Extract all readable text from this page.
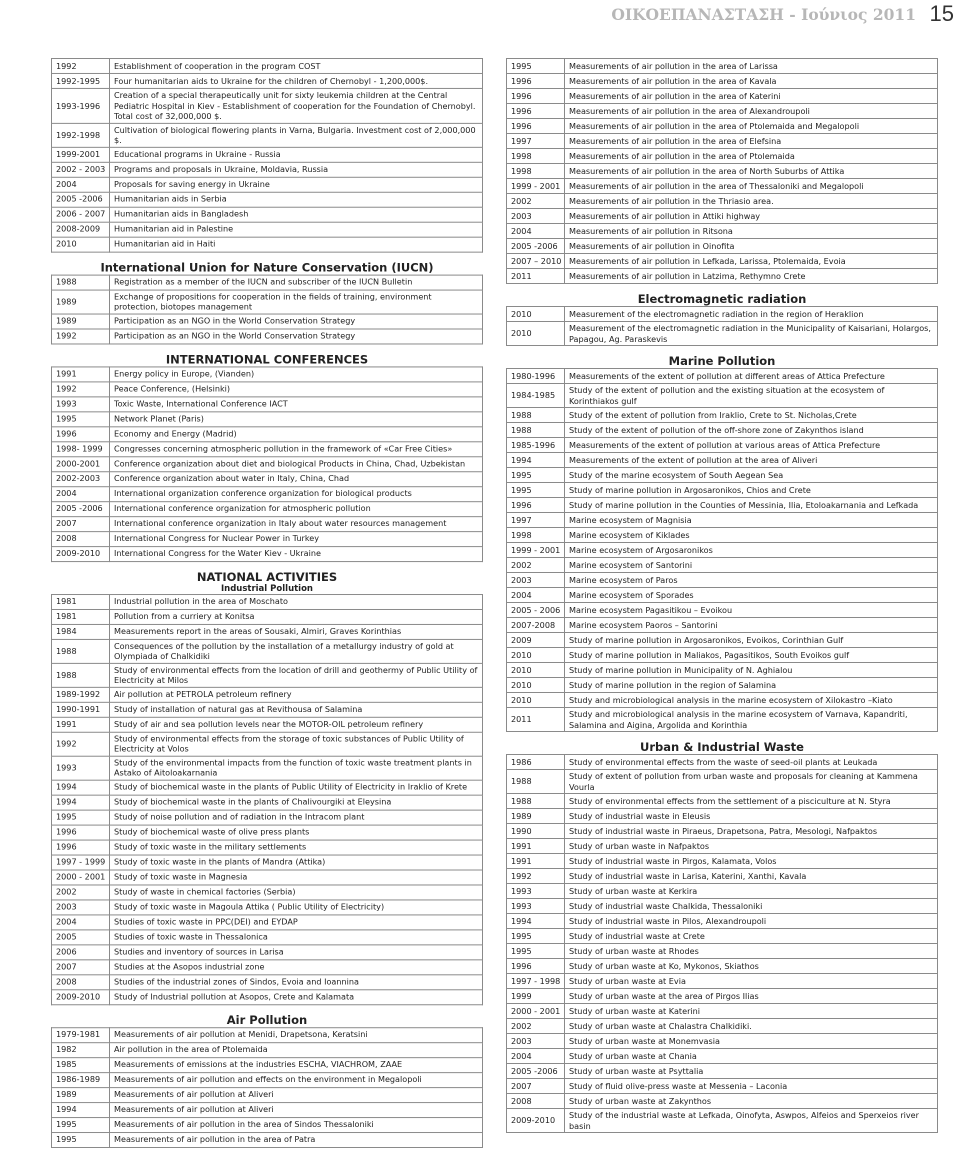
ΟΙΚΟΕΠΑΝΑΣΤΑΣΗ - Ιούνιος 2011 15
1992	Establishment of cooperation in the program COST
1992-1995	Four humanitarian aids to Ukraine for the children of Chernobyl - 1,200,000$.
1993-1996	Creation of a special therapeutically unit for sixty leukemia children at the Central Pediatric Hospital in Kiev - Establishment of cooperation for the Foundation of Chernobyl. Total cost of 32,000,000 $.
1992-1998	Cultivation of biological flowering plants in Varna, Bulgaria. Investment cost of 2,000,000 $.
1999-2001	Educational programs in Ukraine - Russia
2002 - 2003	Programs and proposals in Ukraine, Moldavia, Russia
2004	Proposals for saving energy in Ukraine
2005 -2006	Humanitarian aids in Serbia
2006 - 2007	Humanitarian aids in Bangladesh
2008-2009	Humanitarian aid in Palestine
2010	Humanitarian aid in Haiti
International Union for Nature Conservation (IUCN)
1988	Registration as a member of the IUCN and subscriber of the IUCN Bulletin
1989	Exchange of propositions for cooperation in the fields of training, environment protection, biotopes management
1989	Participation as an NGO in the World Conservation Strategy
1992	Participation as an NGO in the World Conservation Strategy
INTERNATIONAL CONFERENCES
1991	Energy policy in Europe, (Vianden)
1992	Peace Conference, (Helsinki)
1993	Toxic Waste, International Conference IACT
1995	Network Planet (Paris)
1996	Economy and Energy (Madrid)
1998- 1999	Congresses concerning atmospheric pollution in the framework of «Car Free Cities»
2000-2001	Conference organization about diet and biological Products in China, Chad, Uzbekistan
2002-2003	Conference organization about water in Italy, China, Chad
2004	International organization conference organization for biological products
2005 -2006	International conference organization for atmospheric pollution
2007	International conference organization in Italy about water resources management
2008	International Congress for Nuclear Power in Turkey
2009-2010	International Congress for the Water Kiev - Ukraine
NATIONAL ACTIVITIES
Industrial Pollution
1981	Industrial pollution in the area of Moschato
1981	Pollution from a curriery at Konitsa
1984	Measurements report in the areas of Sousaki, Almiri, Graves Korinthias
1988	Consequences of the pollution by the installation of a metallurgy industry of gold at Olympiada of Chalkidiki
1988	Study of environmental effects from the location of drill and geothermy of Public Utility of Electricity at Milos
1989-1992	Air pollution at PETROLA petroleum refinery
1990-1991	Study of installation of natural gas at Revithousa of Salamina
1991	Study of air and sea pollution levels near the MOTOR-OIL petroleum refinery
1992	Study of environmental effects from the storage of toxic substances of Public Utility of Electricity at Volos
1993	Study of the environmental impacts from the function of toxic waste treatment plants in Astako of Aitoloakarnania
1994	Study of biochemical waste in the plants of Public Utility of Electricity in Iraklio of Krete
1994	Study of biochemical waste in the plants of Chalivourgiki at Eleysina
1995	Study of noise pollution and of radiation in the Intracom plant
1996	Study of biochemical waste of olive press plants
1996	Study of toxic waste in the military settlements
1997 - 1999	Study of toxic waste in the plants of Mandra (Attika)
2000 - 2001	Study of toxic waste in Magnesia
2002	Study of waste in chemical factories (Serbia)
2003	Study of toxic waste in Magoula Attika ( Public Utility of Electricity)
2004	Studies of toxic waste in PPC(DEI) and EYDAP
2005	Studies of toxic waste in Thessalonica
2006	Studies and inventory of sources in Larisa
2007	Studies at the Asopos industrial zone
2008	Studies of the industrial zones of Sindos, Evoia and Ioannina
2009-2010	Study of Industrial pollution at Asopos, Crete and Kalamata
Air Pollution
1979-1981	Measurements of air pollution at Menidi, Drapetsona, Keratsini
1982	Air pollution in the area of Ptolemaida
1985	Measurements of emissions at the industries ESCHA, VIACHROM, ZAAE
1986-1989	Measurements of air pollution and effects on the environment in Megalopoli
1989	Measurements of air pollution at Aliveri
1994	Measurements of air pollution at Aliveri
1995	Measurements of air pollution in the area of Sindos Thessaloniki
1995	Measurements of air pollution in the area of Patra
1995	Measurements of air pollution in the area of Larissa
1996	Measurements of air pollution in the area of Kavala
1996	Measurements of air pollution in the area of Katerini
1996	Measurements of air pollution in the area of Alexandroupoli
1996	Measurements of air pollution in the area of Ptolemaida and Megalopoli
1997	Measurements of air pollution in the area of Elefsina
1998	Measurements of air pollution in the area of Ptolemaida
1998	Measurements of air pollution in the area of North Suburbs of Attika
1999 - 2001	Measurements of air pollution in the area of Thessaloniki and Megalopoli
2002	Measurements of air pollution in the Thriasio area.
2003	Measurements of air pollution in Attiki highway
2004	Measurements of air pollution in Ritsona
2005 -2006	Measurements of air pollution in Oinofita
2007 – 2010	Measurements of air pollution in Lefkada, Larissa, Ptolemaida, Evoia
2011	Measurements of air pollution in Latzima, Rethymno Crete
Electromagnetic radiation
2010	Measurement of the electromagnetic radiation in the region of Heraklion
2010	Measurement of the electromagnetic radiation in the Municipality of Kaisariani, Holargos, Papagou, Ag. Paraskevis
Marine Pollution
1980-1996	Measurements of the extent of pollution at different areas of Attica Prefecture
1984-1985	Study of the extent of pollution and the existing situation at the ecosystem of Korinthiakos gulf
1988	Study of the extent of pollution from Iraklio, Crete to St. Nicholas,Crete
1988	Study of the extent of pollution of the off-shore zone of Zakynthos island
1985-1996	Measurements of the extent of pollution at various areas of Attica Prefecture
1994	Measurements of the extent of pollution at the area of Aliveri
1995	Study of the marine ecosystem of South Aegean Sea
1995	Study of marine pollution in Argosaronikos, Chios and Crete
1996	Study of marine pollution in the Counties of Messinia, Ilia, Etoloakarnania and Lefkada
1997	Marine ecosystem of Magnisia
1998	Marine ecosystem of Kiklades
1999 - 2001	Marine ecosystem of Argosaronikos
2002	Marine ecosystem of Santorini
2003	Marine ecosystem of Paros
2004	Marine ecosystem of Sporades
2005 - 2006	Marine ecosystem Pagasitikou – Evoikou
2007-2008	Marine ecosystem Paoros – Santorini
2009	Study of marine pollution in Argosaronikos, Evoikos, Corinthian Gulf
2010	Study of marine pollution in Maliakos, Pagasitikos, South Evoikos gulf
2010	Study of marine pollution in Municipality of N. Aghialou
2010	Study of marine pollution in the region of Salamina
2010	Study and microbiological analysis in the marine ecosystem of Xilokastro –Kiato
2011	Study and microbiological analysis in the marine ecosystem of Varnava, Kapandriti, Salamina and Aigina, Argolida and Korinthia
Urban & Industrial Waste
1986	Study of environmental effects from the waste of seed-oil plants at Leukada
1988	Study of extent of pollution from urban waste and proposals for cleaning at Kammena Vourla
1988	Study of environmental effects from the settlement of a pisciculture at N. Styra
1989	Study of industrial waste in Eleusis
1990	Study of industrial waste in Piraeus, Drapetsona, Patra, Mesologi, Nafpaktos
1991	Study of urban waste in Nafpaktos
1991	Study of industrial waste in Pirgos, Kalamata, Volos
1992	Study of industrial waste in Larisa, Katerini, Xanthi, Kavala
1993	Study of urban waste at Kerkira
1993	Study of industrial waste Chalkida, Thessaloniki
1994	Study of industrial waste in Pilos, Alexandroupoli
1995	Study of industrial waste at Crete
1995	Study of urban waste at Rhodes
1996	Study of urban waste at Ko, Mykonos, Skiathos
1997 - 1998	Study of urban waste at Evia
1999	Study of urban waste at the area of Pirgos Ilias
2000 - 2001	Study of urban waste at Katerini
2002	Study of urban waste at Chalastra Chalkidiki.
2003	Study of urban waste at Monemvasia
2004	Study of urban waste at Chania
2005 -2006	Study of urban waste at Psyttalia
2007	Study of fluid olive-press waste at Messenia – Laconia
2008	Study of urban waste at Zakynthos
2009-2010	Study of the industrial waste at Lefkada, Oinofyta, Aswpos, Alfeios and Sperxeios river basin
